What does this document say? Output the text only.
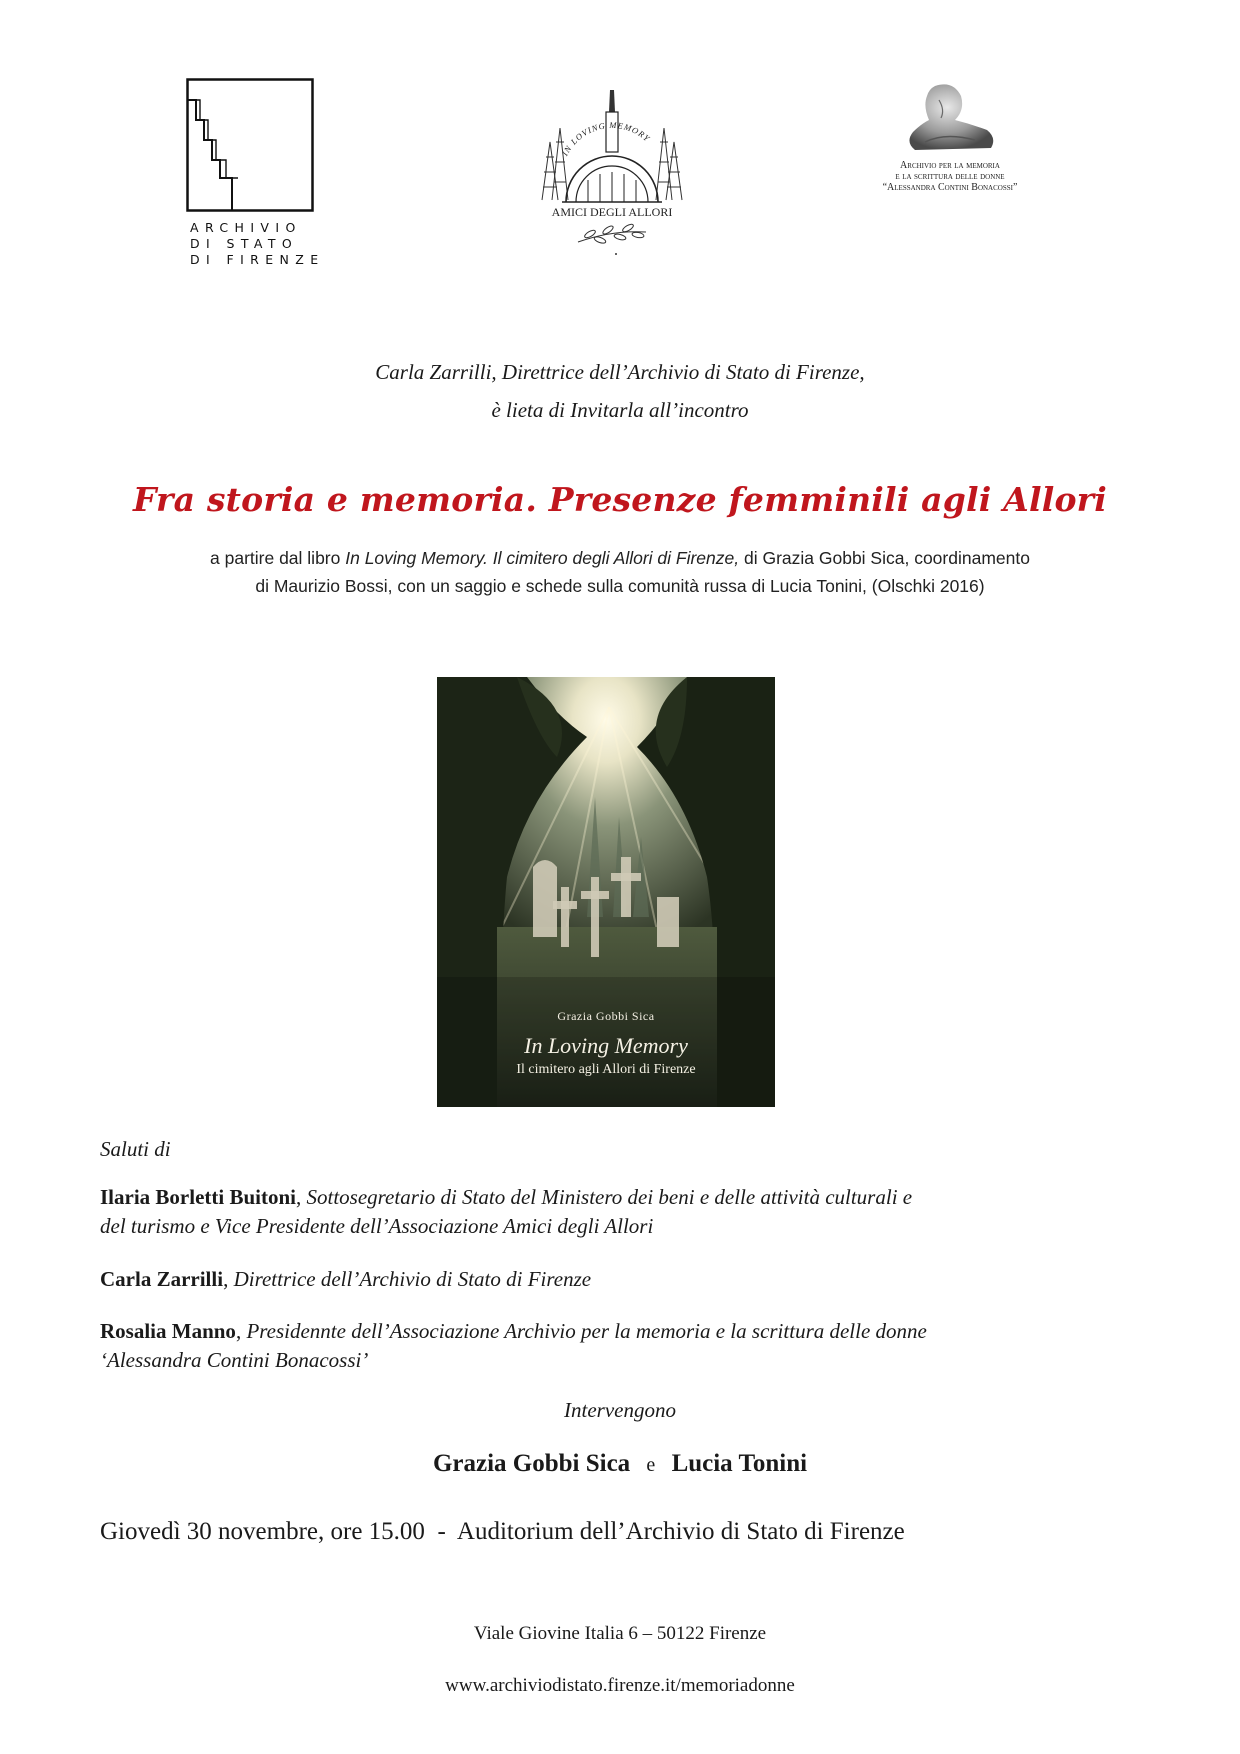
ARCHIVIO
DI STATO
DI FIRENZE
IN LOVING MEMORY
AMICI DEGLI ALLORI
Archivio per la memoria
e la scrittura delle donne
“Alessandra Contini Bonacossi”
Carla Zarrilli, Direttrice dell’Archivio di Stato di Firenze,
è lieta di Invitarla all’incontro
Fra storia e memoria. Presenze femminili agli Allori
a partire dal libro In Loving Memory. Il cimitero degli Allori di Firenze, di Grazia Gobbi Sica, coordinamento
di Maurizio Bossi, con un saggio e schede sulla comunità russa di Lucia Tonini, (Olschki 2016)
Grazia Gobbi Sica
In Loving Memory
Il cimitero agli Allori di Firenze
Saluti di
Ilaria Borletti Buitoni, Sottosegretario di Stato del Ministero dei beni e delle attività culturali e
del turismo e Vice Presidente dell’Associazione Amici degli Allori
Carla Zarrilli, Direttrice dell’Archivio di Stato di Firenze
Rosalia Manno, Presidennte dell’Associazione Archivio per la memoria e la scrittura delle donne
‘Alessandra Contini Bonacossi’
Intervengono
Grazia Gobbi Sica e Lucia Tonini
Giovedì 30 novembre, ore 15.00 - Auditorium dell’Archivio di Stato di Firenze
Viale Giovine Italia 6 – 50122 Firenze
www.archiviodistato.firenze.it/memoriadonne
